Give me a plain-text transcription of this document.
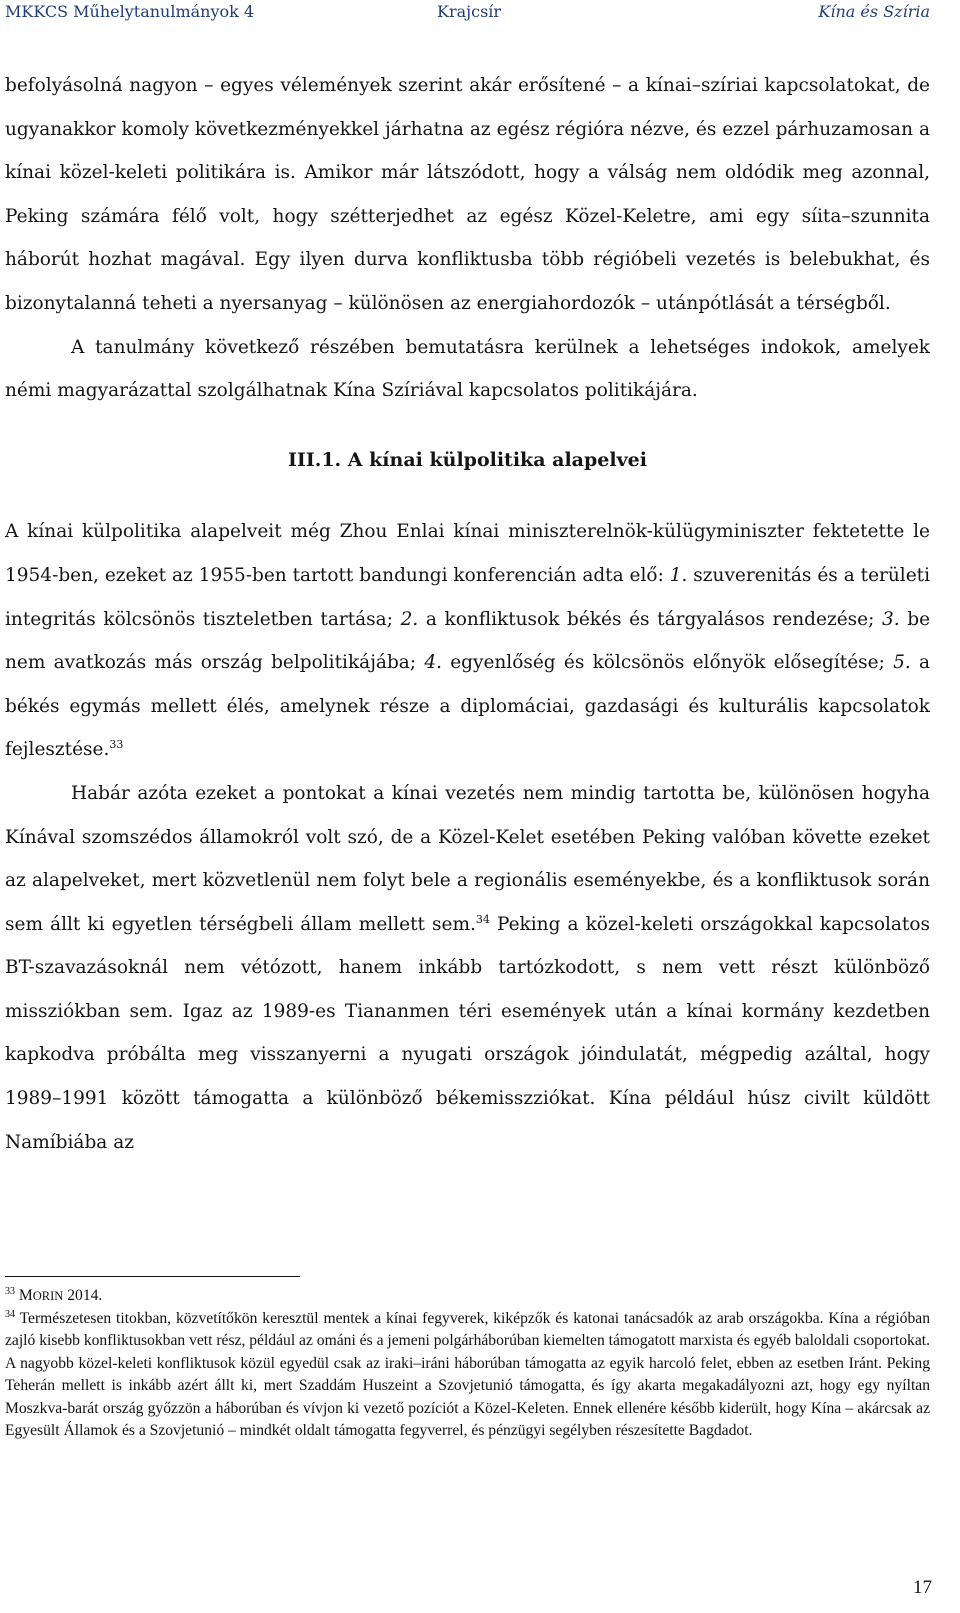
MKKCS Műhelytanulmányok 4	Krajcsír	Kína és Szíria

befolyásolná nagyon – egyes vélemények szerint akár erősítené – a kínai–szíriai kapcsolatokat, de ugyanakkor komoly következményekkel járhatna az egész régióra nézve, és ezzel párhuzamosan a kínai közel-keleti politikára is. Amikor már látszódott, hogy a válság nem oldódik meg azonnal, Peking számára félő volt, hogy szétterjedhet az egész Közel-Keletre, ami egy síita–szunnita háborút hozhat magával. Egy ilyen durva konfliktusba több régióbeli vezetés is belebukhat, és bizonytalanná teheti a nyersanyag – különösen az energiahordozók – utánpótlását a térségből.

A tanulmány következő részében bemutatásra kerülnek a lehetséges indokok, amelyek némi magyarázattal szolgálhatnak Kína Szíriával kapcsolatos politikájára.

III.1. A kínai külpolitika alapelvei

A kínai külpolitika alapelveit még Zhou Enlai kínai miniszterelnök-külügyminiszter fektetette le 1954-ben, ezeket az 1955-ben tartott bandungi konferencián adta elő: 1. szuverenitás és a területi integritás kölcsönös tiszteletben tartása; 2. a konfliktusok békés és tárgyalásos rendezése; 3. be nem avatkozás más ország belpolitikájába; 4. egyenlőség és kölcsönös előnyök elősegítése; 5. a békés egymás mellett élés, amelynek része a diplomáciai, gazdasági és kulturális kapcsolatok fejlesztése.$^{33}$

Habár azóta ezeket a pontokat a kínai vezetés nem mindig tartotta be, különösen hogyha Kínával szomszédos államokról volt szó, de a Közel-Kelet esetében Peking valóban követte ezeket az alapelveket, mert közvetlenül nem folyt bele a regionális eseményekbe, és a konfliktusok során sem állt ki egyetlen térségbeli állam mellett sem.$^{34}$ Peking a közel-keleti országokkal kapcsolatos BT-szavazásoknál nem vétózott, hanem inkább tartózkodott, s nem vett részt különböző missziókban sem. Igaz az 1989-es Tiananmen téri események után a kínai kormány kezdetben kapkodva próbálta meg visszanyerni a nyugati országok jóindulatát, mégpedig azáltal, hogy 1989–1991 között támogatta a különböző békemisszziókat. Kína például húsz civilt küldött Namíbiába az

$^{33}$ MORIN 2014.

$^{34}$ Természetesen titokban, közvetítőkön keresztül mentek a kínai fegyverek, kiképzők és katonai tanácsadók az arab országokba. Kína a régióban zajló kisebb konfliktusokban vett rész, például az ománi és a jemeni polgárháborúban kiemelten támogatott marxista és egyéb baloldali csoportokat. A nagyobb közel-keleti konfliktusok közül egyedül csak az iraki–iráni háborúban támogatta az egyik harcoló felet, ebben az esetben Iránt. Peking Teherán mellett is inkább azért állt ki, mert Szaddám Huszeint a Szovjetunió támogatta, és így akarta megakadályozni azt, hogy egy nyíltan Moszkva-barát ország győzzön a háborúban és vívjon ki vezető pozíciót a Közel-Keleten. Ennek ellenére később kiderült, hogy Kína – akárcsak az Egyesült Államok és a Szovjetunió – mindkét oldalt támogatta fegyverrel, és pénzügyi segélyben részesítette Bagdadot.

17
